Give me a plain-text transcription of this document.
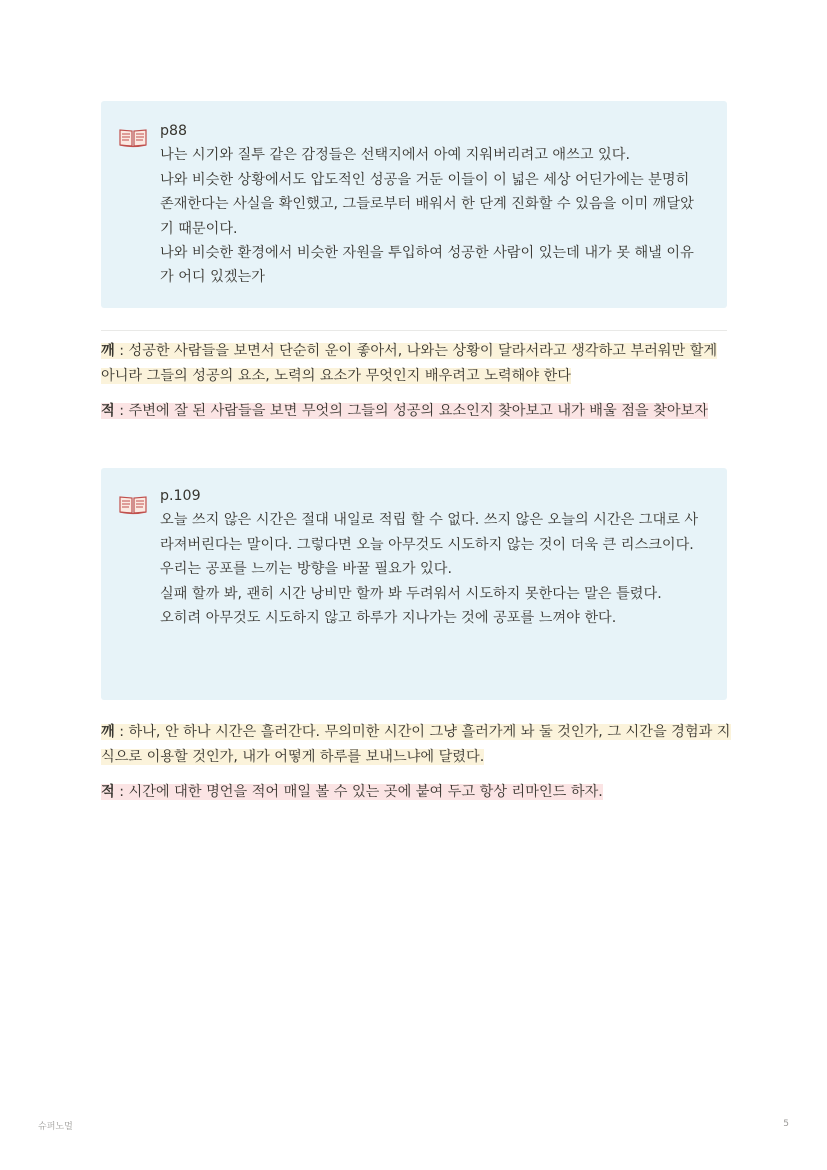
p88

나는 시기와 질투 같은 감정들은 선택지에서 아예 지워버리려고 애쓰고 있다.

나와 비슷한 상황에서도 압도적인 성공을 거둔 이들이 이 넓은 세상 어딘가에는 분명히 존재한다는 사실을 확인했고, 그들로부터 배워서 한 단계 진화할 수 있음을 이미 깨달았기 때문이다.

나와 비슷한 환경에서 비슷한 자원을 투입하여 성공한 사람이 있는데 내가 못 해낼 이유가 어디 있겠는가

깨 : 성공한 사람들을 보면서 단순히 운이 좋아서, 나와는 상황이 달라서라고 생각하고 부러워만 할게 아니라 그들의 성공의 요소, 노력의 요소가 무엇인지 배우려고 노력해야 한다

적 : 주변에 잘 된 사람들을 보면 무엇의 그들의 성공의 요소인지 찾아보고 내가 배울 점을 찾아보자

p.109

오늘 쓰지 않은 시간은 절대 내일로 적립 할 수 없다. 쓰지 않은 오늘의 시간은 그대로 사라져버린다는 말이다. 그렇다면 오늘 아무것도 시도하지 않는 것이 더욱 큰 리스크이다.

우리는 공포를 느끼는 방향을 바꿀 필요가 있다.

실패 할까 봐, 괜히 시간 낭비만 할까 봐 두려워서 시도하지 못한다는 말은 틀렸다.

오히려 아무것도 시도하지 않고 하루가 지나가는 것에 공포를 느껴야 한다.

깨 : 하나, 안 하나 시간은 흘러간다. 무의미한 시간이 그냥 흘러가게 놔 둘 것인가, 그 시간을 경험과 지식으로 이용할 것인가, 내가 어떻게 하루를 보내느냐에 달렸다.

적 : 시간에 대한 명언을 적어 매일 볼 수 있는 곳에 붙여 두고 항상 리마인드 하자.

슈퍼노멀	5
